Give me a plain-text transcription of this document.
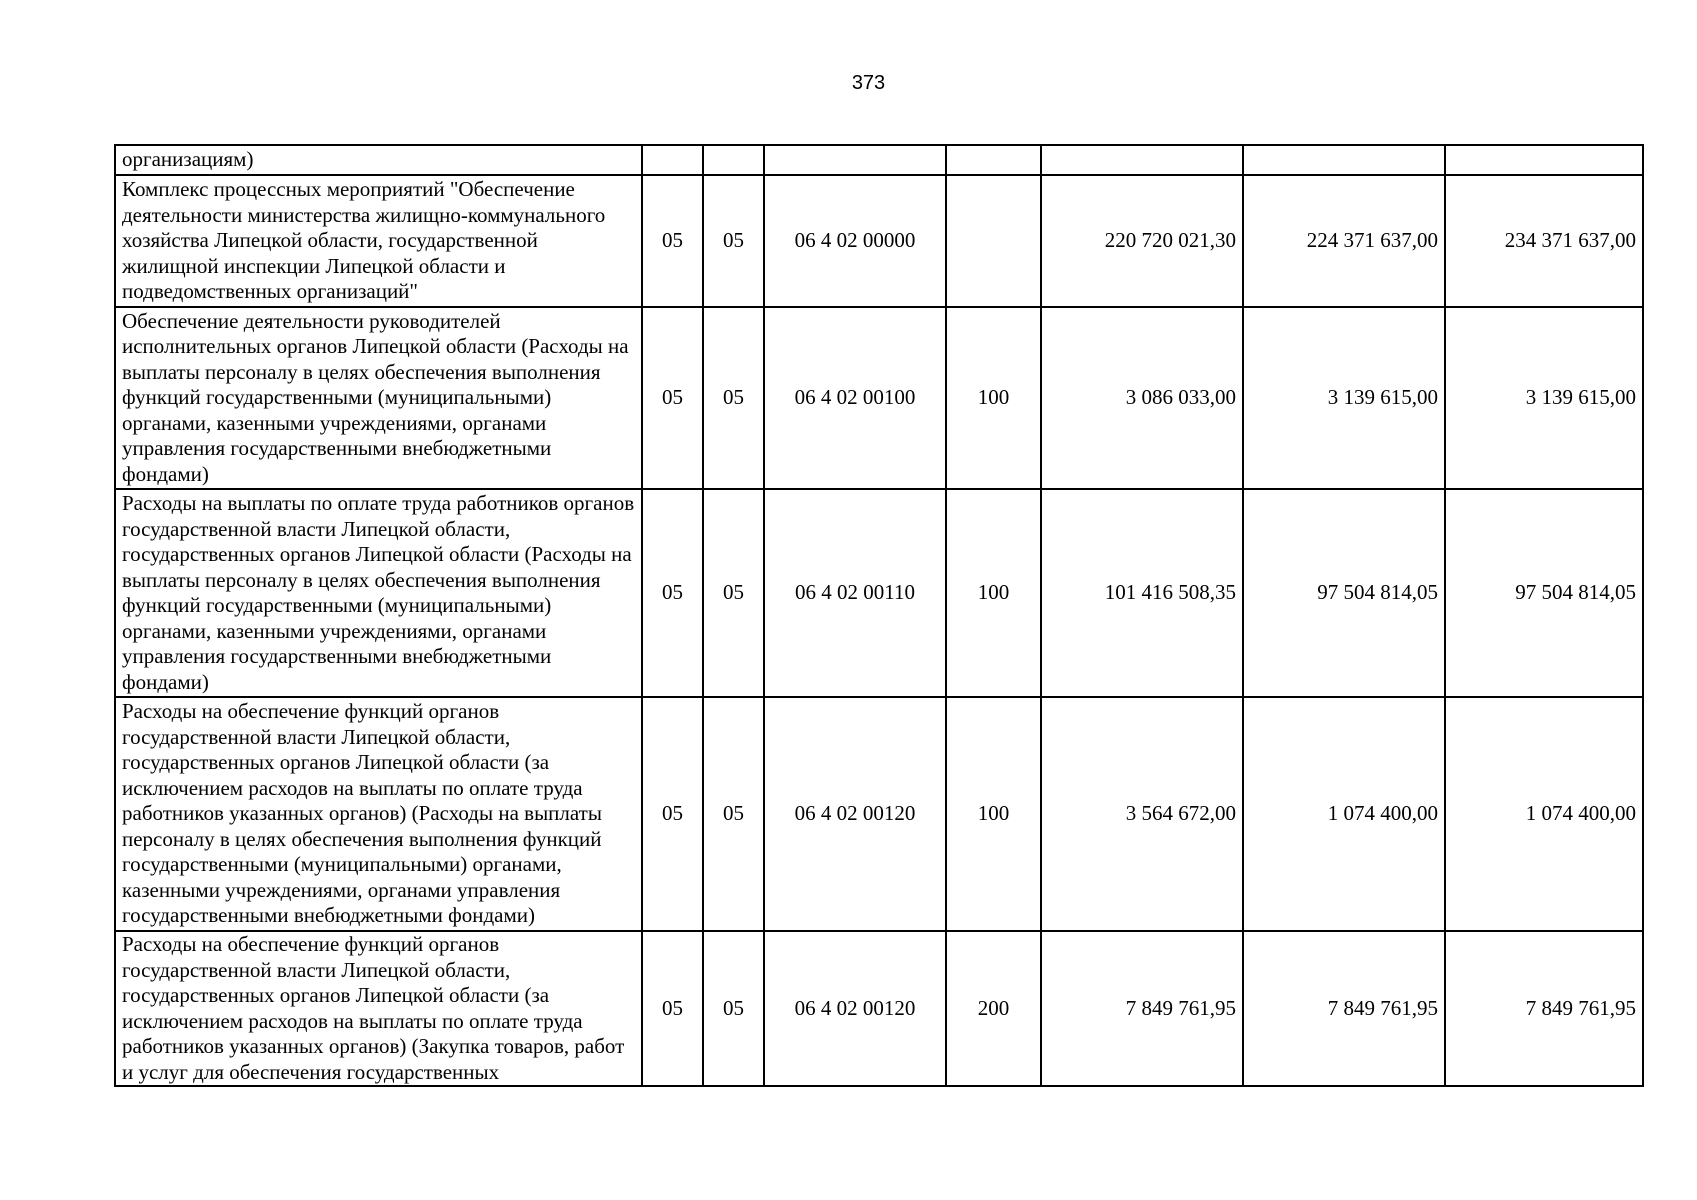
373
организациям)							
Комплекс процессных мероприятий "Обеспечение деятельности министерства жилищно-коммунального хозяйства Липецкой области, государственной жилищной инспекции Липецкой области и подведомственных организаций"	05	05	06 4 02 00000		220 720 021,30	224 371 637,00	234 371 637,00
Обеспечение деятельности руководителей исполнительных органов Липецкой области (Расходы на выплаты персоналу в целях обеспечения выполнения функций государственными (муниципальными) органами, казенными учреждениями, органами управления государственными внебюджетными фондами)	05	05	06 4 02 00100	100	3 086 033,00	3 139 615,00	3 139 615,00
Расходы на выплаты по оплате труда работников органов государственной власти Липецкой области, государственных органов Липецкой области (Расходы на выплаты персоналу в целях обеспечения выполнения функций государственными (муниципальными) органами, казенными учреждениями, органами управления государственными внебюджетными фондами)	05	05	06 4 02 00110	100	101 416 508,35	97 504 814,05	97 504 814,05
Расходы на обеспечение функций органов государственной власти Липецкой области, государственных органов Липецкой области (за исключением расходов на выплаты по оплате труда работников указанных органов) (Расходы на выплаты персоналу в целях обеспечения выполнения функций государственными (муниципальными) органами, казенными учреждениями, органами управления государственными внебюджетными фондами)	05	05	06 4 02 00120	100	3 564 672,00	1 074 400,00	1 074 400,00

Расходы на обеспечение функций органов государственной власти Липецкой области, государственных органов Липецкой области (за исключением расходов на выплаты по оплате труда работников указанных органов) (Закупка товаров, работ и услуг для обеспечения государственных	05	05	06 4 02 00120	200	7 849 761,95	7 849 761,95	7 849 761,95
